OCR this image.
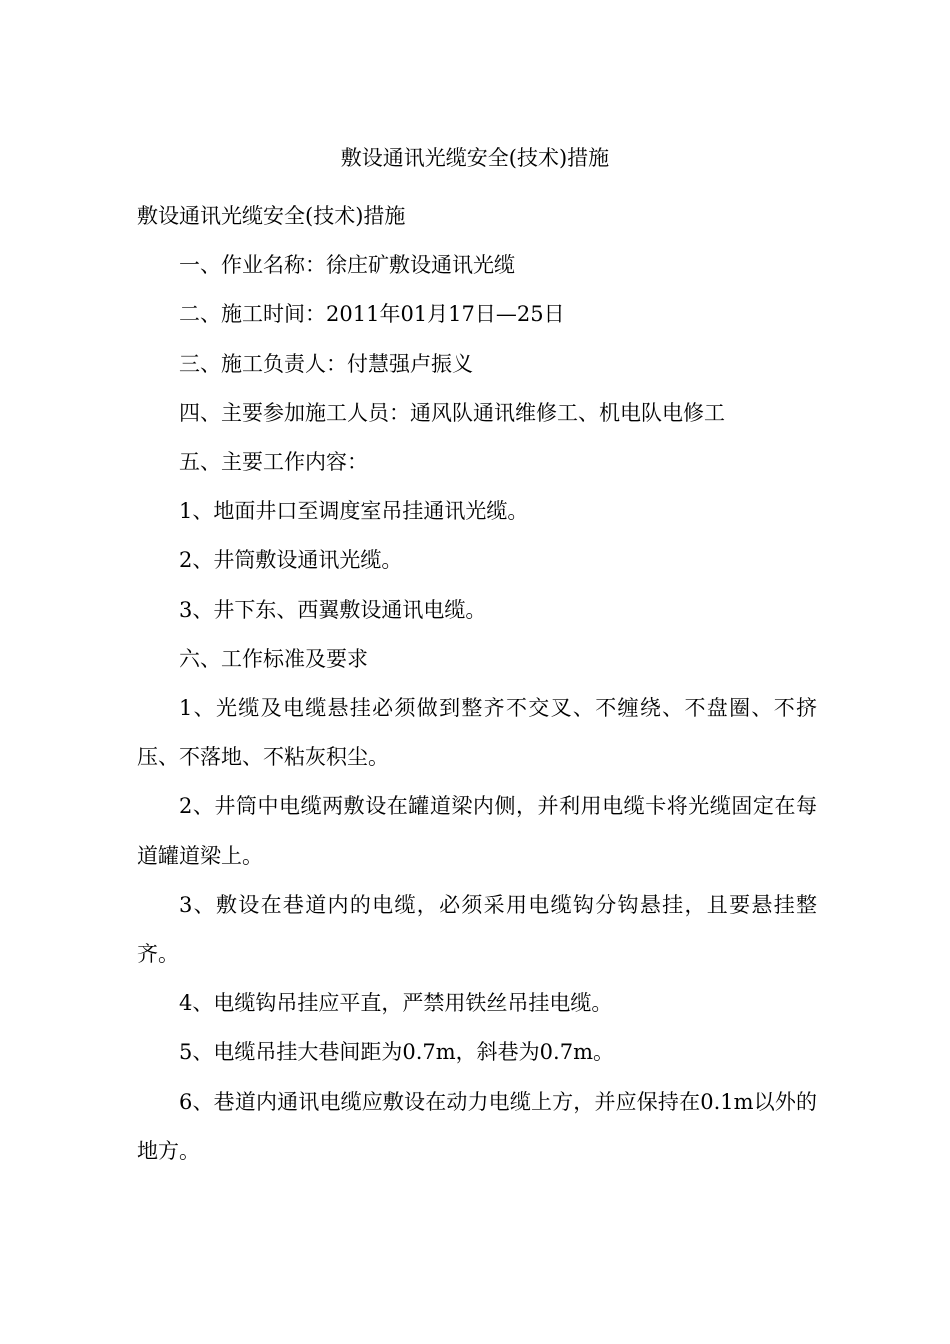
敷设通讯光缆安全(技术)措施

敷设通讯光缆安全(技术)措施

一、作业名称：徐庄矿敷设通讯光缆

二、施工时间：2011年01月17日—25日

三、施工负责人：付慧强卢振义

四、主要参加施工人员：通风队通讯维修工、机电队电修工

五、主要工作内容：

1、地面井口至调度室吊挂通讯光缆。

2、井筒敷设通讯光缆。

3、井下东、西翼敷设通讯电缆。

六、工作标准及要求

1、光缆及电缆悬挂必须做到整齐不交叉、不缠绕、不盘圈、不挤压、不落地、不粘灰积尘。

2、井筒中电缆两敷设在罐道梁内侧，并利用电缆卡将光缆固定在每道罐道梁上。

3、敷设在巷道内的电缆，必须采用电缆钩分钩悬挂，且要悬挂整齐。

4、电缆钩吊挂应平直，严禁用铁丝吊挂电缆。

5、电缆吊挂大巷间距为0.7m，斜巷为0.7m。

6、巷道内通讯电缆应敷设在动力电缆上方，并应保持在0.1m以外的地方。
